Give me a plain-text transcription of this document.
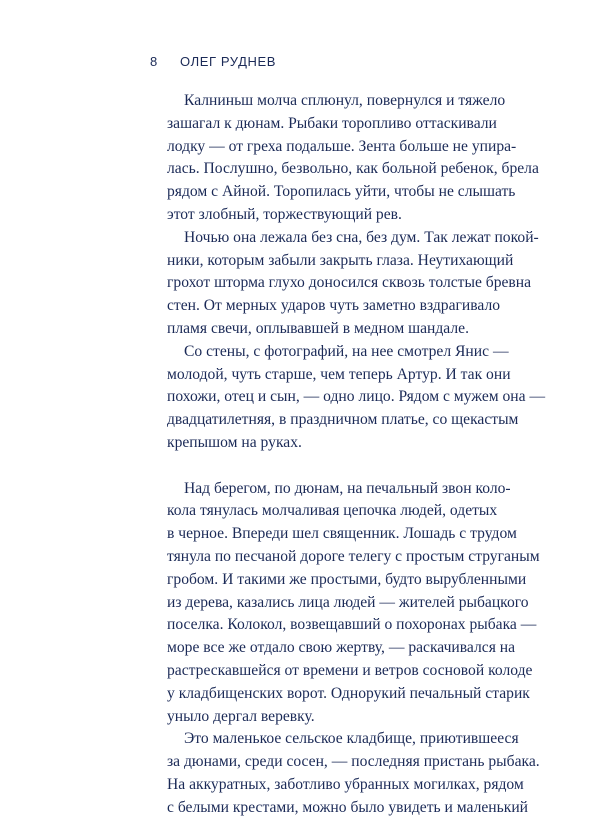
8 ОЛЕГ РУДНЕВ
Калниньш молча сплюнул, повернулся и тяжело
зашагал к дюнам. Рыбаки торопливо оттаскивали
лодку — от греха подальше. Зента больше не упира-
лась. Послушно, безвольно, как больной ребенок, брела
рядом с Айной. Торопилась уйти, чтобы не слышать
этот злобный, торжествующий рев.
Ночью она лежала без сна, без дум. Так лежат покой-
ники, которым забыли закрыть глаза. Неутихающий
грохот шторма глухо доносился сквозь толстые бревна
стен. От мерных ударов чуть заметно вздрагивало
пламя свечи, оплывавшей в медном шандале.
Со стены, с фотографий, на нее смотрел Янис —
молодой, чуть старше, чем теперь Артур. И так они
похожи, отец и сын, — одно лицо. Рядом с мужем она —
двадцатилетняя, в праздничном платье, со щекастым
крепышом на руках.
Над берегом, по дюнам, на печальный звон коло-
кола тянулась молчаливая цепочка людей, одетых
в черное. Впереди шел священник. Лошадь с трудом
тянула по песчаной дороге телегу с простым струганым
гробом. И такими же простыми, будто вырубленными
из дерева, казались лица людей — жителей рыбацкого
поселка. Колокол, возвещавший о похоронах рыбака —
море все же отдало свою жертву, — раскачивался на
растрескавшейся от времени и ветров сосновой колоде
у кладбищенских ворот. Однорукий печальный старик
уныло дергал веревку.
Это маленькое сельское кладбище, приютившееся
за дюнами, среди сосен, — последняя пристань рыбака.
На аккуратных, заботливо убранных могилках, рядом
с белыми крестами, можно было увидеть и маленький
